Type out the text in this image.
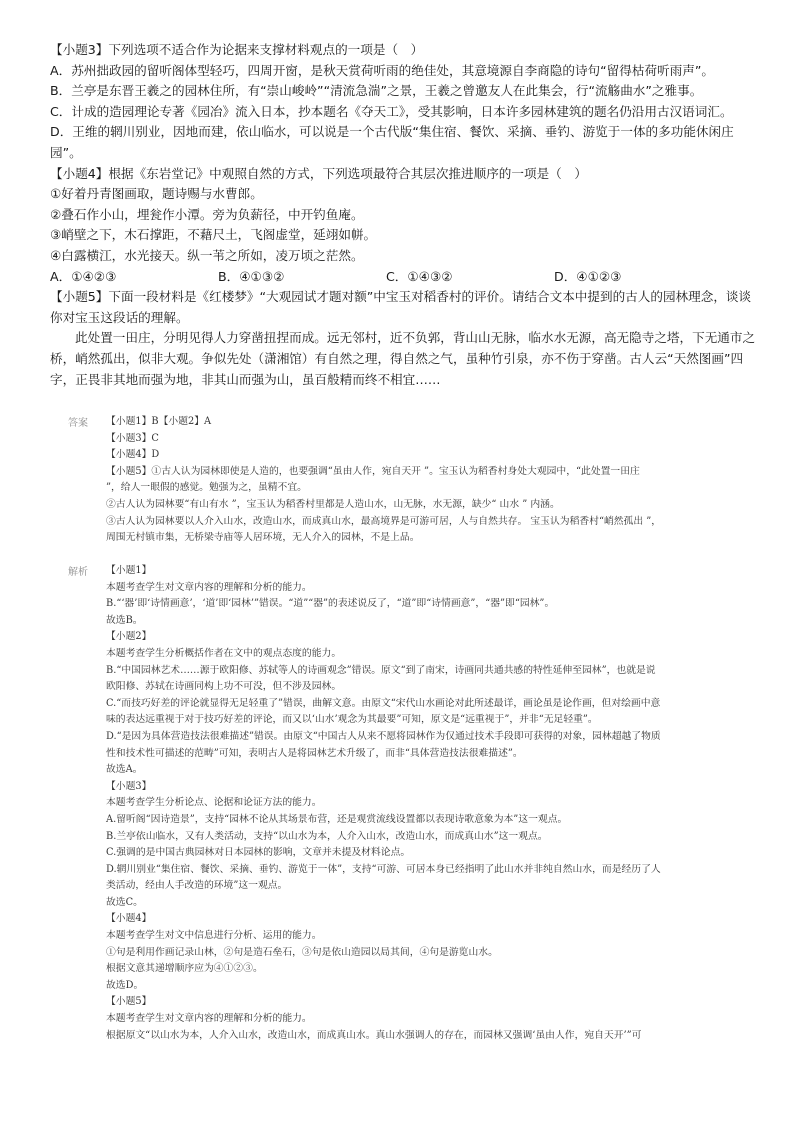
【小题3】下列选项不适合作为论据来支撑材料观点的一项是（　）
A．苏州拙政园的留听阁体型轻巧，四周开窗，是秋天赏荷听雨的绝佳处，其意境源自李商隐的诗句“留得枯荷听雨声”。
B．兰亭是东晋王羲之的园林住所，有“崇山峻岭”“清流急湍”之景，王羲之曾邀友人在此集会，行“流觞曲水”之雅事。
C．计成的造园理论专著《园冶》流入日本，抄本题名《夺天工》，受其影响，日本许多园林建筑的题名仍沿用古汉语词汇。
D．王维的辋川别业，因地而建，依山临水，可以说是一个古代版“集住宿、餐饮、采摘、垂钓、游览于一体的多功能休闲庄
园”。
【小题4】根据《东岩堂记》中观照自然的方式，下列选项最符合其层次推进顺序的一项是（　）
①好着丹青图画取，题诗赐与水曹郎。
②叠石作小山，埋瓮作小潭。旁为负薪径，中开钓鱼庵。
③峭壁之下，木石撑距，不藉尺土，飞阁虚堂，延翊如帡。
④白露横江，水光接天。纵一苇之所如，凌万顷之茫然。
A．①④②③	B．④①③②	C．①④③②	D．④①②③
【小题5】下面一段材料是《红楼梦》“大观园试才题对额”中宝玉对稻香村的评价。请结合文本中提到的古人的园林理念，谈谈
你对宝玉这段话的理解。
此处置一田庄，分明见得人力穿凿扭捏而成。远无邻村，近不负郭，背山山无脉，临水水无源，高无隐寺之塔，下无通市之
桥，峭然孤出，似非大观。争似先处（潇湘馆）有自然之理，得自然之气，虽种竹引泉，亦不伤于穿凿。古人云“天然图画”四
字，正畏非其地而强为地，非其山而强为山，虽百般精而终不相宜……
答案 【小题1】B【小题2】A
【小题3】C
【小题4】D
【小题5】①古人认为园林即使是人造的，也要强调“虽由人作，宛自天开 ”。宝玉认为稻香村身处大观园中，“此处置一田庄
”，给人一眼假的感觉。勉强为之，虽精不宜。
②古人认为园林要“有山有水 ”，宝玉认为稻香村里都是人造山水，山无脉，水无源，缺少“ 山水 ” 内涵。
③古人认为园林要以人介入山水，改造山水，而成真山水，最高境界是可游可居，人与自然共存。 宝玉认为稻香村“峭然孤出 ”，
周围无村镇市集，无桥梁寺庙等人居环境，无人介入的园林，不是上品。
解析 【小题1】
本题考查学生对文章内容的理解和分析的能力。
B.“‘器’即‘诗情画意’，‘道’即‘园林’”错误。“道”“器”的表述说反了，“道”即“诗情画意”，“器”即“园林”。
故选B。
【小题2】
本题考查学生分析概括作者在文中的观点态度的能力。
B.“中国园林艺术……源于欧阳修、苏轼等人的诗画观念”错误。原文“到了南宋，诗画同共通共感的特性延伸至园林”，也就是说
欧阳修、苏轼在诗画同构上功不可没，但不涉及园林。
C.“而技巧好差的评论就显得无足轻重了”错误，曲解文意。由原文“宋代山水画论对此所述最详，画论虽是论作画，但对绘画中意
味的表达远重视于对于技巧好差的评论，而又以‘山水’观念为其最要”可知，原文是“远重视于”，并非“无足轻重”。
D.“是因为具体营造技法很难描述”错误。由原文“中国古人从来不愿将园林作为仅通过技术手段即可获得的对象，园林超越了物质
性和技术性可描述的范畴”可知，表明古人是将园林艺术升级了，而非“具体营造技法很难描述”。
故选A。
【小题3】
本题考查学生分析论点、论据和论证方法的能力。
A.留听阁“因诗造景”，支持“园林不论从其场景布营，还是观赏流线设置都以表现诗歌意象为本”这一观点。
B.兰亭依山临水，又有人类活动，支持“以山水为本，人介入山水，改造山水，而成真山水”这一观点。
C.强调的是中国古典园林对日本园林的影响，文章并未提及材料论点。
D.辋川别业“集住宿、餐饮、采摘、垂钓、游览于一体”，支持“可游、可居本身已经指明了此山水并非纯自然山水，而是经历了人
类活动，经由人手改造的环境”这一观点。
故选C。
【小题4】
本题考查学生对文中信息进行分析、运用的能力。
①句是利用作画记录山林，②句是造石垒石，③句是依山造园以局其间，④句是游览山水。
根据文意其递增顺序应为④①②③。
故选D。
【小题5】
本题考查学生对文章内容的理解和分析的能力。
根据原文“以山水为本，人介入山水，改造山水，而成真山水。真山水强调人的存在，而园林又强调‘虽由人作，宛自天开’”可
